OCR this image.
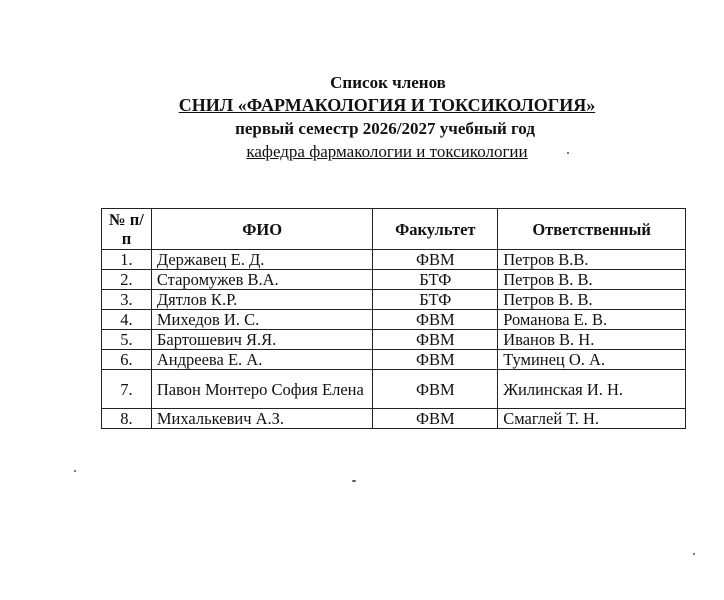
Список членов
СНИЛ «ФАРМАКОЛОГИЯ И ТОКСИКОЛОГИЯ»
первый семестр 2026/2027 учебный год
кафедра фармакологии и токсикологии
№ п/п	ФИО	Факультет	Ответственный
1.	Державец Е. Д.	ФВМ	Петров В.В.
2.	Старомужев В.А.	БТФ	Петров В. В.
3.	Дятлов К.Р.	БТФ	Петров В. В.
4.	Михедов И. С.	ФВМ	Романова Е. В.
5.	Бартошевич Я.Я.	ФВМ	Иванов В. Н.
6.	Андреева Е. А.	ФВМ	Туминец О. А.
7.	Павон Монтеро София Елена	ФВМ	Жилинская И. Н.
8.	Михалькевич А.З.	ФВМ	Смаглей Т. Н.
